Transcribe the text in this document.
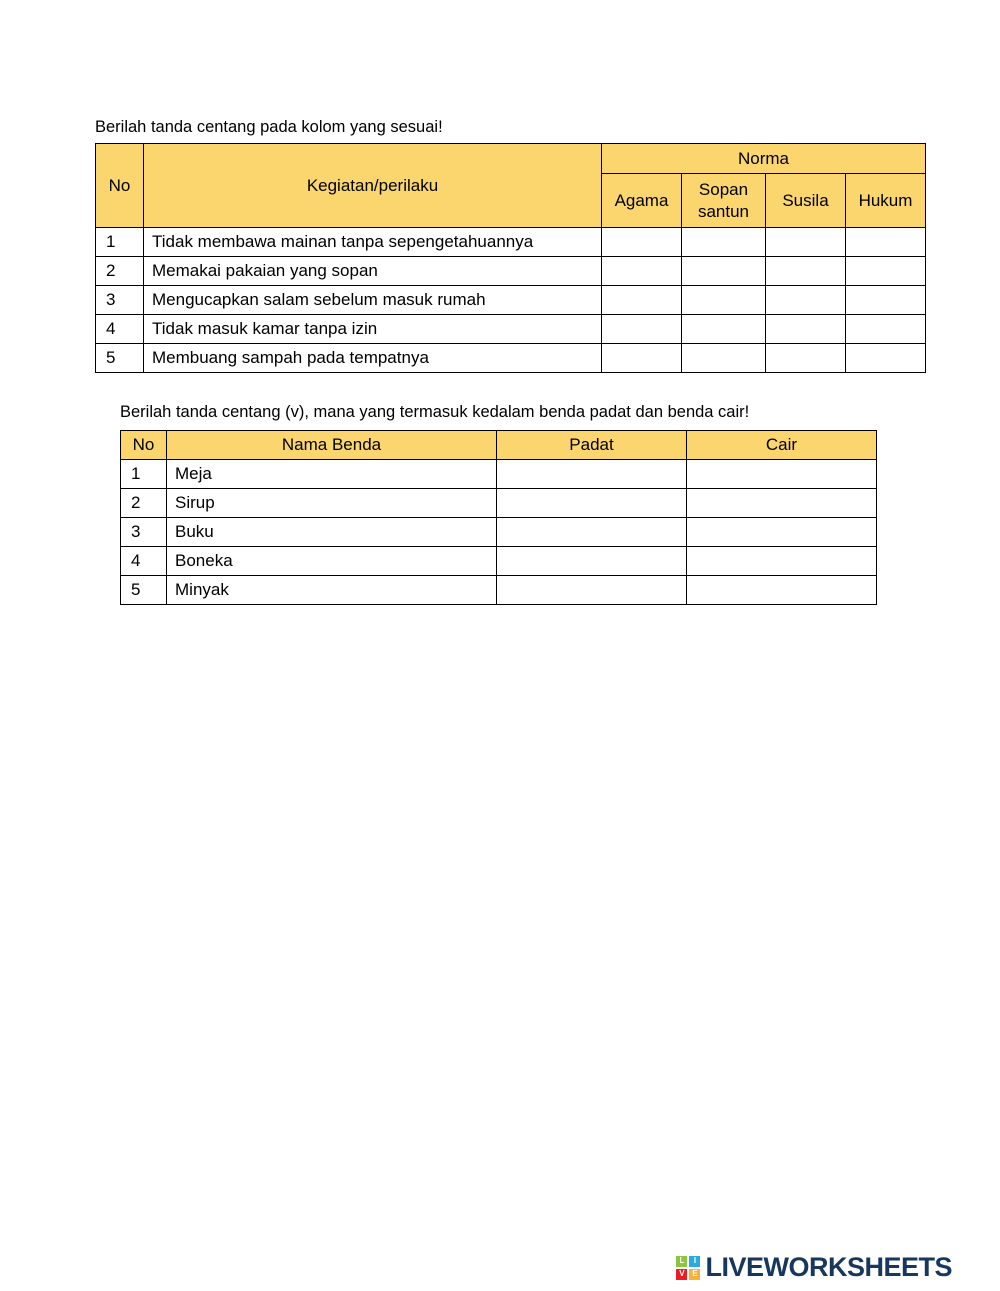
Berilah tanda centang pada kolom yang sesuai!

No	Kegiatan/perilaku	Norma			
		Agama	Sopan santun	Susila	Hukum
1	Tidak membawa mainan tanpa sepengetahuannya				
2	Memakai pakaian yang sopan				
3	Mengucapkan salam sebelum masuk rumah				
4	Tidak masuk kamar tanpa izin				
5	Membuang sampah pada tempatnya				

Berilah tanda centang (v), mana yang termasuk kedalam benda padat dan benda cair!

No	Nama Benda	Padat	Cair
1	Meja		
2	Sirup		
3	Buku		
4	Boneka		
5	Minyak		
L	I
V E LIVEWORKSHEETS
